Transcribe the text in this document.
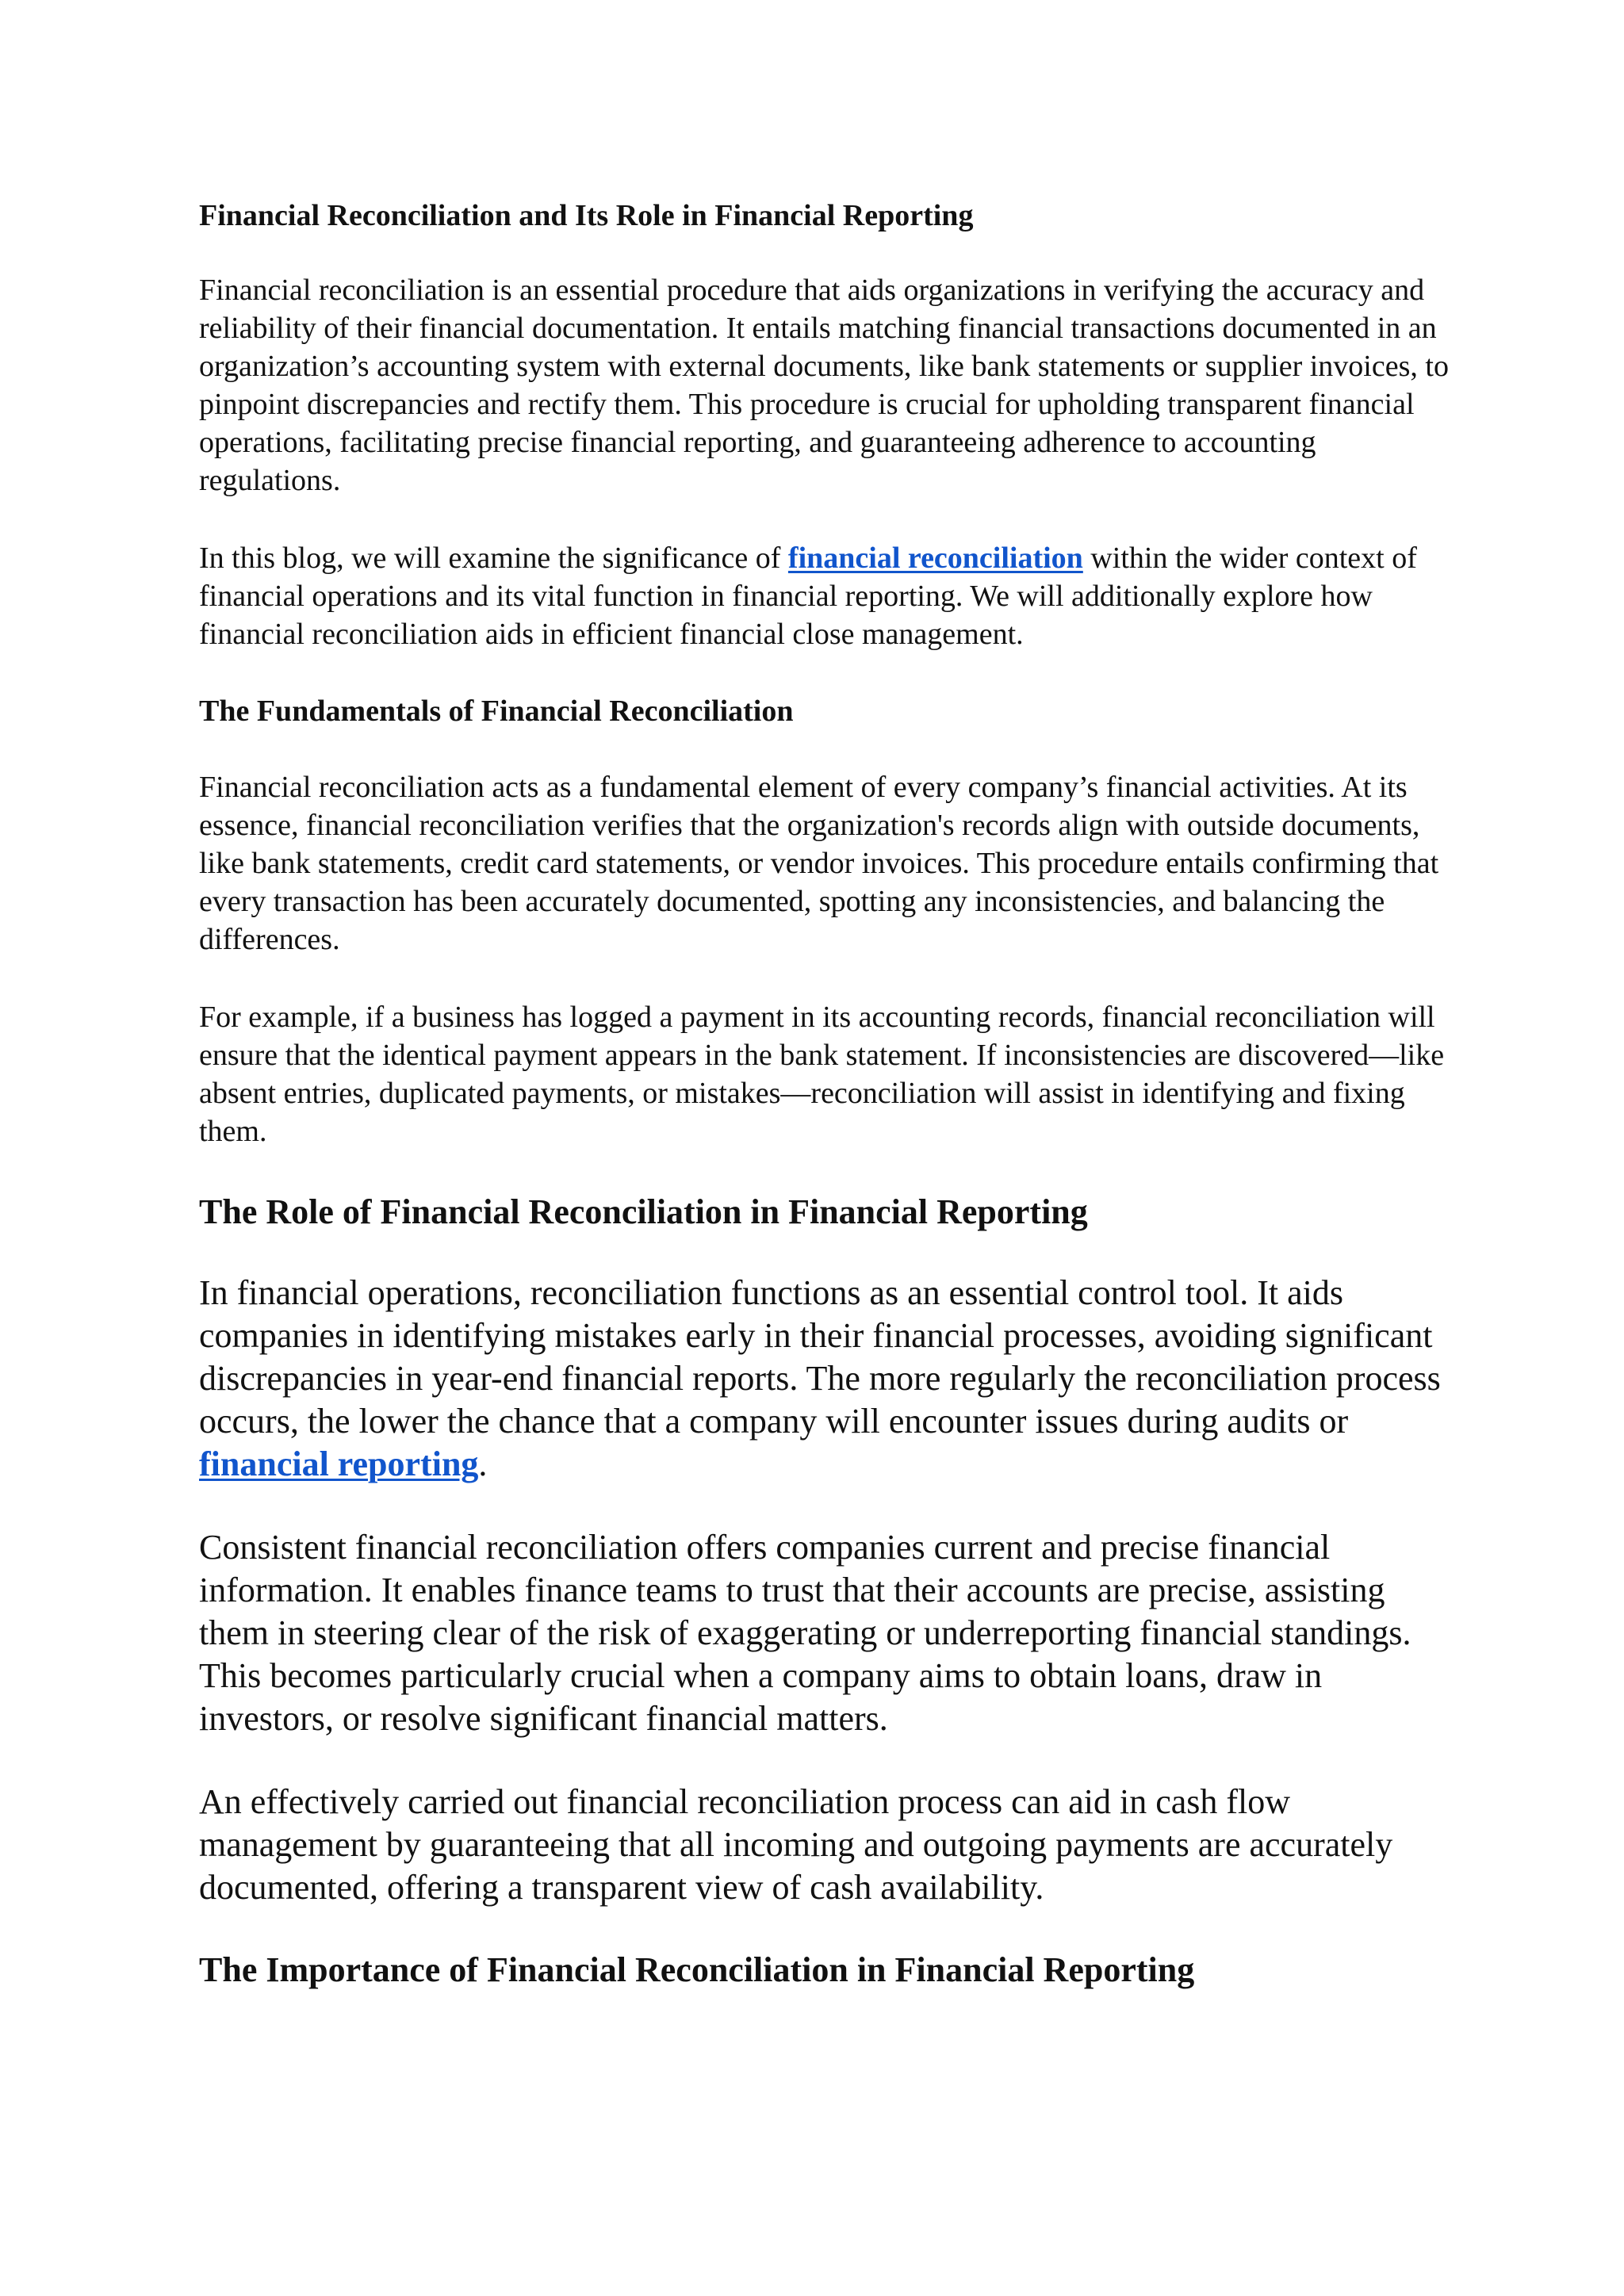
Financial Reconciliation and Its Role in Financial Reporting

Financial reconciliation is an essential procedure that aids organizations in verifying the accuracy and reliability of their financial documentation. It entails matching financial transactions documented in an organization’s accounting system with external documents, like bank statements or supplier invoices, to pinpoint discrepancies and rectify them. This procedure is crucial for upholding transparent financial operations, facilitating precise financial reporting, and guaranteeing adherence to accounting regulations.

In this blog, we will examine the significance of financial reconciliation within the wider context of financial operations and its vital function in financial reporting. We will additionally explore how financial reconciliation aids in efficient financial close management.

The Fundamentals of Financial Reconciliation

Financial reconciliation acts as a fundamental element of every company’s financial activities. At its essence, financial reconciliation verifies that the organization's records align with outside documents, like bank statements, credit card statements, or vendor invoices. This procedure entails confirming that every transaction has been accurately documented, spotting any inconsistencies, and balancing the differences.

For example, if a business has logged a payment in its accounting records, financial reconciliation will ensure that the identical payment appears in the bank statement. If inconsistencies are discovered—like absent entries, duplicated payments, or mistakes—reconciliation will assist in identifying and fixing them.

The Role of Financial Reconciliation in Financial Reporting

In financial operations, reconciliation functions as an essential control tool. It aids companies in identifying mistakes early in their financial processes, avoiding significant discrepancies in year-end financial reports. The more regularly the reconciliation process occurs, the lower the chance that a company will encounter issues during audits or financial reporting.

Consistent financial reconciliation offers companies current and precise financial information. It enables finance teams to trust that their accounts are precise, assisting them in steering clear of the risk of exaggerating or underreporting financial standings. This becomes particularly crucial when a company aims to obtain loans, draw in investors, or resolve significant financial matters.

An effectively carried out financial reconciliation process can aid in cash flow management by guaranteeing that all incoming and outgoing payments are accurately documented, offering a transparent view of cash availability.

The Importance of Financial Reconciliation in Financial Reporting
